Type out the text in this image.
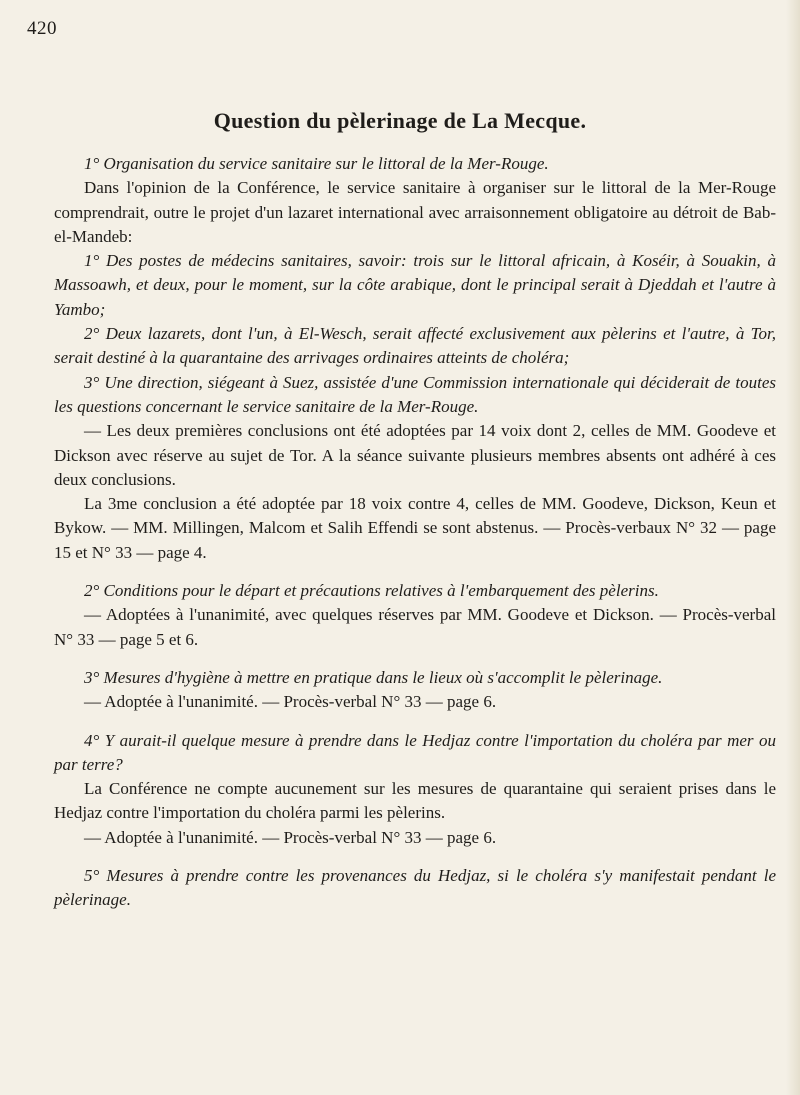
420
Question du pèlerinage de La Mecque.

1° Organisation du service sanitaire sur le littoral de la Mer-Rouge.

Dans l'opinion de la Conférence, le service sanitaire à organiser sur le littoral de la Mer-Rouge comprendrait, outre le projet d'un lazaret international avec arraisonnement obligatoire au détroit de Bab-el-Mandeb:

1° Des postes de médecins sanitaires, savoir: trois sur le littoral africain, à Koséir, à Souakin, à Massoawh, et deux, pour le moment, sur la côte arabique, dont le principal serait à Djeddah et l'autre à Yambo;

2° Deux lazarets, dont l'un, à El-Wesch, serait affecté exclusivement aux pèlerins et l'autre, à Tor, serait destiné à la quarantaine des arrivages ordinaires atteints de choléra;

3° Une direction, siégeant à Suez, assistée d'une Commission internationale qui déciderait de toutes les questions concernant le service sanitaire de la Mer-Rouge.

— Les deux premières conclusions ont été adoptées par 14 voix dont 2, celles de MM. Goodeve et Dickson avec réserve au sujet de Tor. A la séance suivante plusieurs membres absents ont adhéré à ces deux conclusions.

La 3me conclusion a été adoptée par 18 voix contre 4, celles de MM. Goodeve, Dickson, Keun et Bykow. — MM. Millingen, Malcom et Salih Effendi se sont abstenus. — Procès-verbaux N° 32 — page 15 et N° 33 — page 4.

2° Conditions pour le départ et précautions relatives à l'embarquement des pèlerins.

— Adoptées à l'unanimité, avec quelques réserves par MM. Goodeve et Dickson. — Procès-verbal N° 33 — page 5 et 6.

3° Mesures d'hygiène à mettre en pratique dans le lieux où s'accomplit le pèlerinage.

— Adoptée à l'unanimité. — Procès-verbal N° 33 — page 6.

4° Y aurait-il quelque mesure à prendre dans le Hedjaz contre l'importation du choléra par mer ou par terre?

La Conférence ne compte aucunement sur les mesures de quarantaine qui seraient prises dans le Hedjaz contre l'importation du choléra parmi les pèlerins.

— Adoptée à l'unanimité. — Procès-verbal N° 33 — page 6.

5° Mesures à prendre contre les provenances du Hedjaz, si le choléra s'y manifestait pendant le pèlerinage.
